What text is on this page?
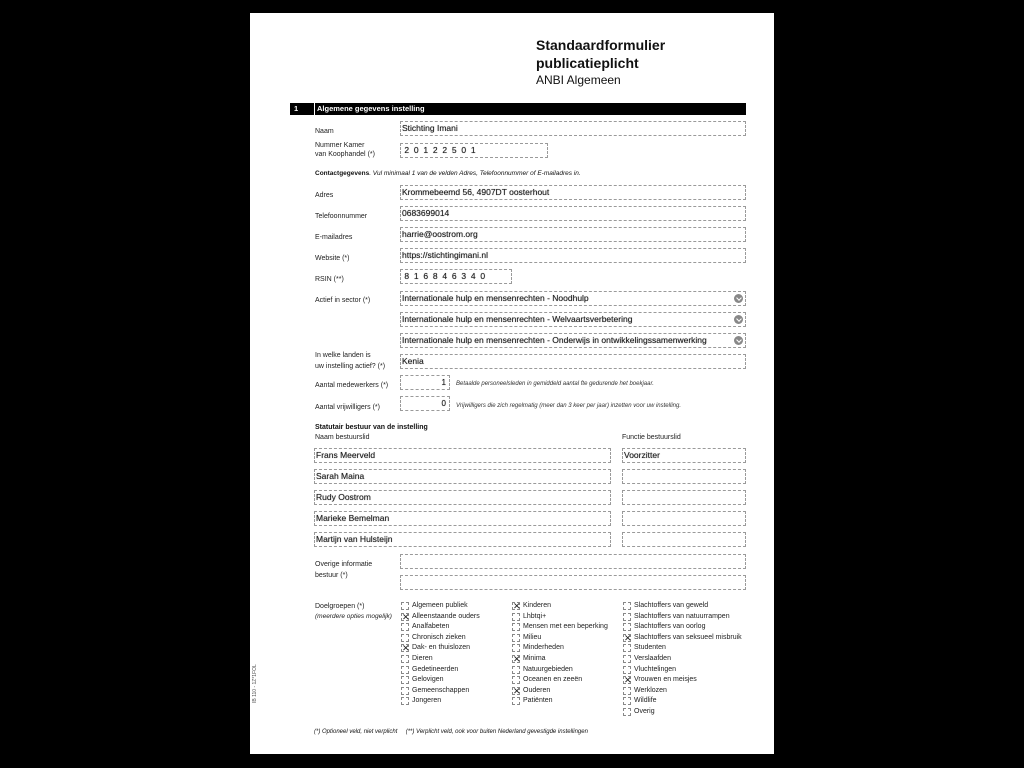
Standaardformulier
publicatieplicht
ANBI Algemeen
1	Algemene gegevens instelling
Naam	Stichting Imani
Nummer Kamer
van Koophandel (*)	2 0 1 2 2 5 0 1
Contactgegevens. Vul minimaal 1 van de velden Adres, Telefoonnummer of E-mailadres in.
Adres	Krommebeemd 56, 4907DT oosterhout
Telefoonnummer	0683699014
E-mailadres	harrie@oostrom.org
Website (*)	https://stichtingimani.nl
RSIN (**)	8 1 6 8 4 6 3 4 0
Actief in sector (*)	Internationale hulp en mensenrechten - Noodhulp
Internationale hulp en mensenrechten - Welvaartsverbetering
Internationale hulp en mensenrechten - Onderwijs in ontwikkelingssamenwerking
In welke landen is
uw instelling actief? (*)
Kenia
Aantal medewerkers (*)	1	Betaalde personeelsleden in gemiddeld aantal fte gedurende het boekjaar.
Aantal vrijwilligers (*)	0	Vrijwilligers die zich regelmatig (meer dan 3 keer per jaar) inzetten voor uw instelling.
Statutair bestuur van de instelling
Naam bestuurslid	Functie bestuurslid
Frans Meerveld	Voorzitter
Sarah Maina
Rudy Oostrom
Marieke Bemelman
Martijn van Hulsteijn
Overige informatie
bestuur (*)
Doelgroepen (*)
(meerdere opties mogelijk)
Algemeen publiek
✕ Alleenstaande ouders
Analfabeten
Chronisch zieken
✕ Dak- en thuislozen
Dieren
Gedetineerden
Gelovigen
Gemeenschappen
Jongeren
✕ Kinderen
Lhbtqi+
Mensen met een beperking
Milieu
Minderheden
✕ Minima
Natuurgebieden
Oceanen en zeeën
✕ Ouderen
Patiënten
Slachtoffers van geweld
Slachtoffers van natuurrampen
Slachtoffers van oorlog
✕ Slachtoffers van seksueel misbruik
Studenten
Verslaafden
Vluchtelingen
✕ Vrouwen en meisjes
Werklozen
Wildlife
Overig
(*) Optioneel veld, niet verplicht (**) Verplicht veld, ook voor buiten Nederland gevestigde instellingen
IB 110 - 1Z*1FOL
